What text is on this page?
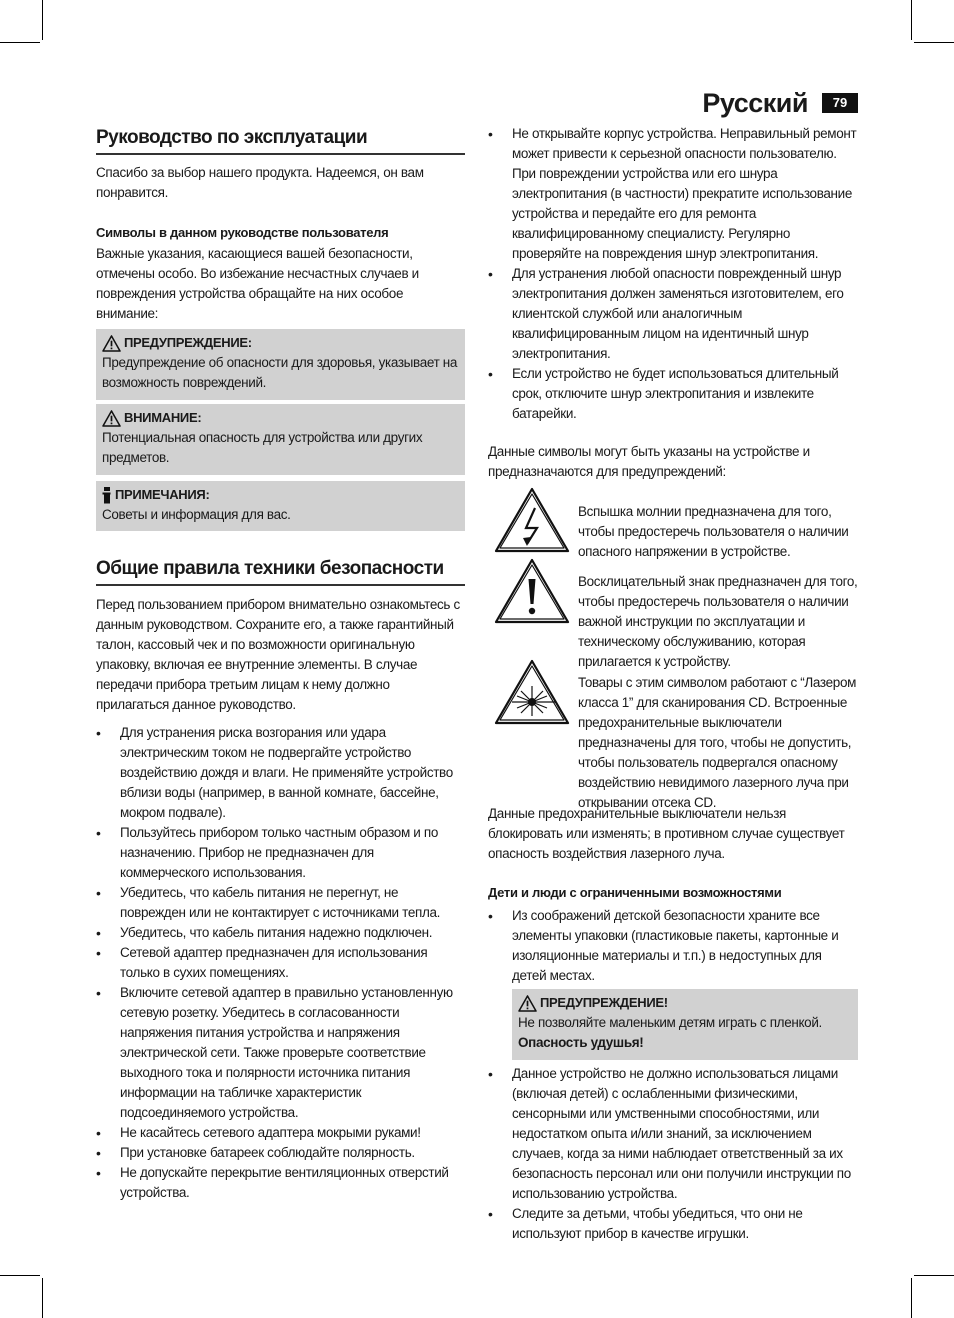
Русский	79
Руководство по эксплуатации

Спасибо за выбор нашего продукта. Надеемся, он вам понравится.

Символы в данном руководстве пользователя

Важные указания, касающиеся вашей безопасности, отмечены особо. Во избежание несчастных случаев и повреждения устройства обращайте на них особое внимание:

ПРЕДУПРЕЖДЕНИЕ:
Предупреждение об опасности для здоровья, указывает на возможность повреждений.
ВНИМАНИЕ:
Потенциальная опасность для устройства или других предметов.
ПРИМЕЧАНИЯ:
Советы и информация для вас.
Общие правила техники безопасности

Перед пользованием прибором внимательно ознакомьтесь с данным руководством. Сохраните его, а также гарантийный талон, кассовый чек и по возможности оригинальную упаковку, включая ее внутренние элементы. В случае передачи прибора третьим лицам к нему должно прилагаться данное руководство.

• Для устранения риска возгорания или удара электрическим током не подвергайте устройство воздействию дождя и влаги. Не применяйте устройство вблизи воды (например, в ванной комнате, бассейне, мокром подвале).
• Пользуйтесь прибором только частным образом и по назначению. Прибор не предназначен для коммерческого использования.
• Убедитесь, что кабель питания не перегнут, не поврежден или не контактирует с источниками тепла.
• Убедитесь, что кабель питания надежно подключен.
• Сетевой адаптер предназначен для использования только в сухих помещениях.
• Включите сетевой адаптер в правильно установленную сетевую розетку. Убедитесь в согласованности напряжения питания устройства и напряжения электрической сети. Также проверьте соответствие выходного тока и полярности источника питания информации на табличке характеристик подсоединяемого устройства.
• Не касайтесь сетевого адаптера мокрыми руками!
• При установке батареек соблюдайте полярность.
• Не допускайте перекрытие вентиляционных отверстий устройства.
• Не открывайте корпус устройства. Неправильный ремонт может привести к серьезной опасности пользователю. При повреждении устройства или его шнура электропитания (в частности) прекратите использование устройства и передайте его для ремонта квалифицированному специалисту. Регулярно проверяйте на повреждения шнур электропитания.
• Для устранения любой опасности поврежденный шнур электропитания должен заменяться изготовителем, его клиентской службой или аналогичным квалифицированным лицом на идентичный шнур электропитания.
• Если устройство не будет использоваться длительный срок, отключите шнур электропитания и извлеките батарейки.

Данные символы могут быть указаны на устройстве и предназначаются для предупреждений:

Вспышка молнии предназначена для того, чтобы предостеречь пользователя о наличии опасного напряжении в устройстве.

Восклицательный знак предназначен для того, чтобы предостеречь пользователя о наличии важной инструкции по эксплуатации и техническому обслуживанию, которая прилагается к устройству.

Товары с этим символом работают с “Лазером класса 1” для сканирования CD. Встроенные предохранительные выключатели предназначены для того, чтобы не допустить, чтобы пользователь подвергался опасному воздействию невидимого лазерного луча при открывании отсека CD.

Данные предохранительные выключатели нельзя блокировать или изменять; в противном случае существует опасность воздействия лазерного луча.

Дети и люди с ограниченными возможностями
• Из соображений детской безопасности храните все элементы упаковки (пластиковые пакеты, картонные и изоляционные материалы и т.п.) в недоступных для детей местах.
ПРЕДУПРЕЖДЕНИЕ!
Не позволяйте маленьким детям играть с пленкой.
Опасность удушья!
• Данное устройство не должно использоваться лицами (включая детей) с ослабленными физическими, сенсорными или умственными способностями, или недостатком опыта и/или знаний, за исключением случаев, когда за ними наблюдает ответственный за их безопасность персонал или они получили инструкции по использованию устройства.
• Следите за детьми, чтобы убедиться, что они не используют прибор в качестве игрушки.
